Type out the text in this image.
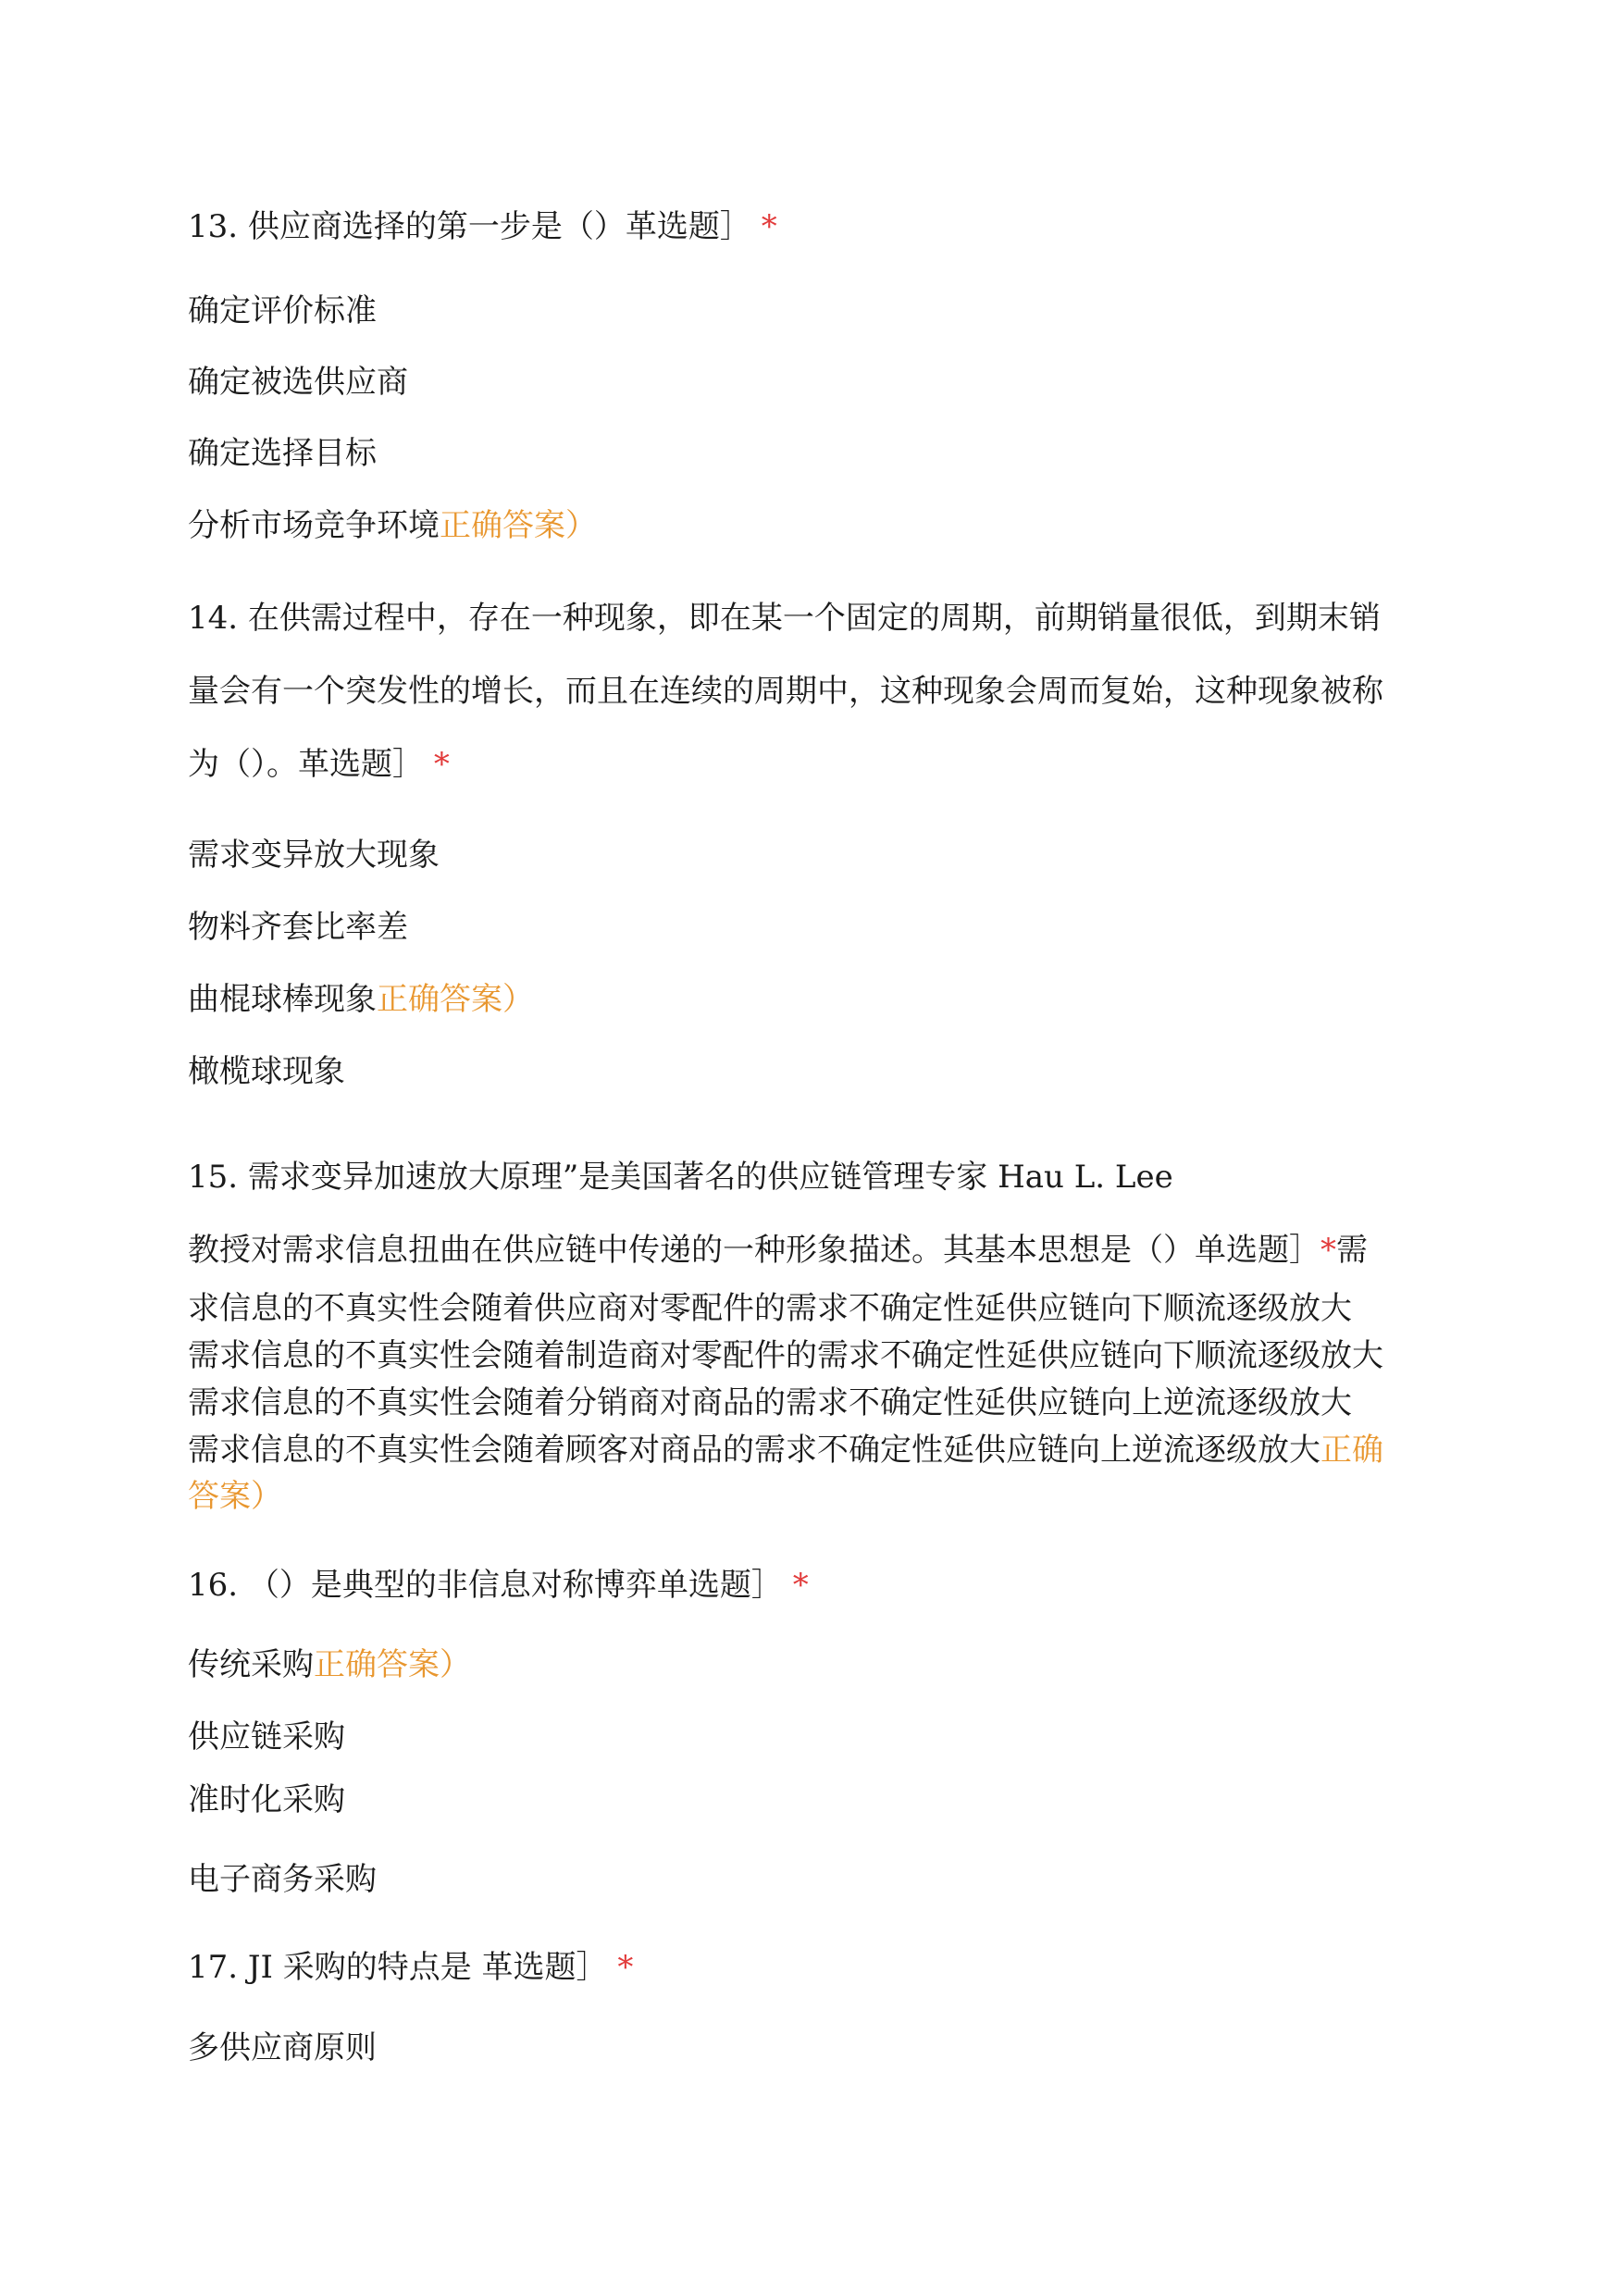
13. 供应商选择的第一步是（）革选题］ *
确定评价标准
确定被选供应商
确定选择目标
分析市场竞争环境正确答案）
14. 在供需过程中，存在一种现象，即在某一个固定的周期，前期销量很低，到期末销
量会有一个突发性的增长，而且在连续的周期中，这种现象会周而复始，这种现象被称
为（）。革选题］ *
需求变异放大现象
物料齐套比率差
曲棍球棒现象正确答案）
橄榄球现象
15. 需求变异加速放大原理”是美国著名的供应链管理专家 Hau L. Lee
教授对需求信息扭曲在供应链中传递的一种形象描述。其基本思想是（）单选题］*需
求信息的不真实性会随着供应商对零配件的需求不确定性延供应链向下顺流逐级放大
需求信息的不真实性会随着制造商对零配件的需求不确定性延供应链向下顺流逐级放大
需求信息的不真实性会随着分销商对商品的需求不确定性延供应链向上逆流逐级放大
需求信息的不真实性会随着顾客对商品的需求不确定性延供应链向上逆流逐级放大正确
答案）
16. （）是典型的非信息对称博弈单选题］ *
传统采购正确答案）
供应链采购
准时化采购
电子商务采购
17. JI 采购的特点是 革选题］ *
多供应商原则
